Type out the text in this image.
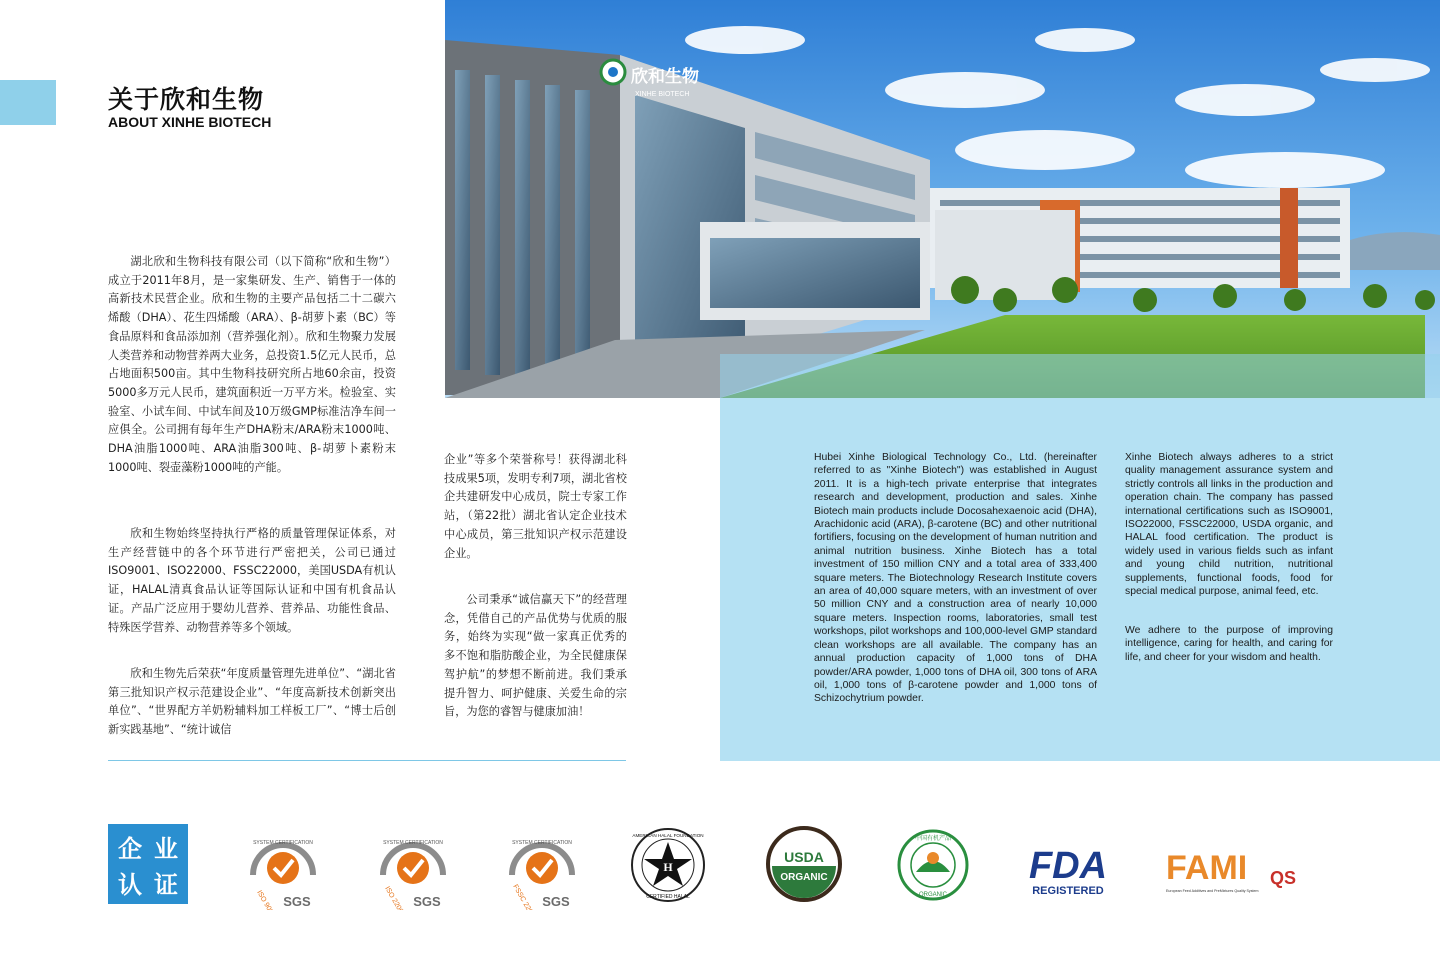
关于欣和生物
ABOUT XINHE BIOTECH

湖北欣和生物科技有限公司（以下简称“欣和生物”）成立于2011年8月，是一家集研发、生产、销售于一体的高新技术民营企业。欣和生物的主要产品包括二十二碳六烯酸（DHA）、花生四烯酸（ARA）、β-胡萝卜素（BC）等食品原料和食品添加剂（营养强化剂）。欣和生物聚力发展人类营养和动物营养两大业务，总投资1.5亿元人民币，总占地面积500亩。其中生物科技研究所占地60余亩，投资5000多万元人民币，建筑面积近一万平方米。检验室、实验室、小试车间、中试车间及10万级GMP标准洁净车间一应俱全。公司拥有每年生产DHA粉末/ARA粉末1000吨、DHA油脂1000吨、ARA油脂300吨、β-胡萝卜素粉末1000吨、裂壶藻粉1000吨的产能。

欣和生物始终坚持执行严格的质量管理保证体系，对生产经营链中的各个环节进行严密把关，公司已通过ISO9001、ISO22000、FSSC22000，美国USDA有机认证，HALAL清真食品认证等国际认证和中国有机食品认证。产品广泛应用于婴幼儿营养、营养品、功能性食品、特殊医学营养、动物营养等多个领域。

欣和生物先后荣获“年度质量管理先进单位”、“湖北省第三批知识产权示范建设企业”、“年度高新技术创新突出单位”、“世界配方羊奶粉辅料加工样板工厂”、“博士后创新实践基地”、“统计诚信

企业”等多个荣誉称号！获得湖北科技成果5项，发明专利7项，湖北省校企共建研发中心成员，院士专家工作站，（第22批）湖北省认定企业技术中心成员，第三批知识产权示范建设企业。

公司秉承“诚信赢天下”的经营理念，凭借自己的产品优势与优质的服务，始终为实现“做一家真正优秀的多不饱和脂肪酸企业，为全民健康保驾护航”的梦想不断前进。我们秉承提升智力、呵护健康、关爱生命的宗旨，为您的睿智与健康加油！

欣和生物
XINHE BIOTECH

Hubei Xinhe Biological Technology Co., Ltd. (hereinafter referred to as "Xinhe Biotech") was established in August 2011. It is a high-tech private enterprise that integrates research and development, production and sales. Xinhe Biotech main products include Docosahexaenoic acid (DHA), Arachidonic acid (ARA), β-carotene (BC) and other nutritional fortifiers, focusing on the development of human nutrition and animal nutrition business. Xinhe Biotech has a total investment of 150 million CNY and a total area of 333,400 square meters. The Biotechnology Research Institute covers an area of 40,000 square meters, with an investment of over 50 million CNY and a construction area of nearly 10,000 square meters. Inspection rooms, laboratories, small test workshops, pilot workshops and 100,000-level GMP standard clean workshops are all available. The company has an annual production capacity of 1,000 tons of DHA powder/ARA powder, 1,000 tons of DHA oil, 300 tons of ARA oil, 1,000 tons of β-carotene powder and 1,000 tons of Schizochytrium powder.

Xinhe Biotech always adheres to a strict quality management assurance system and strictly controls all links in the production and operation chain. The company has passed international certifications such as ISO9001, ISO22000, FSSC22000, USDA organic, and HALAL food certification. The product is widely used in various fields such as infant and young child nutrition, nutritional supplements, functional foods, food for special medical purpose, animal feed, etc.

We adhere to the purpose of improving intelligence, caring for health, and caring for life, and cheer for your wisdom and health.

企 业
认 证
SYSTEM CERTIFICATION
ISO 9001 SGS
SYSTEM CERTIFICATION
ISO 22000 SGS
SYSTEM CERTIFICATION
FSSC 22000 SGS
AMERICAN HALAL FOUNDATION
H
CERTIFIED HALAL
USDA
ORGANIC
中国有机产品
ORGANIC
FDA
REGISTERED
FAMI QS
European Feed Additives and PreMixtures Quality System
